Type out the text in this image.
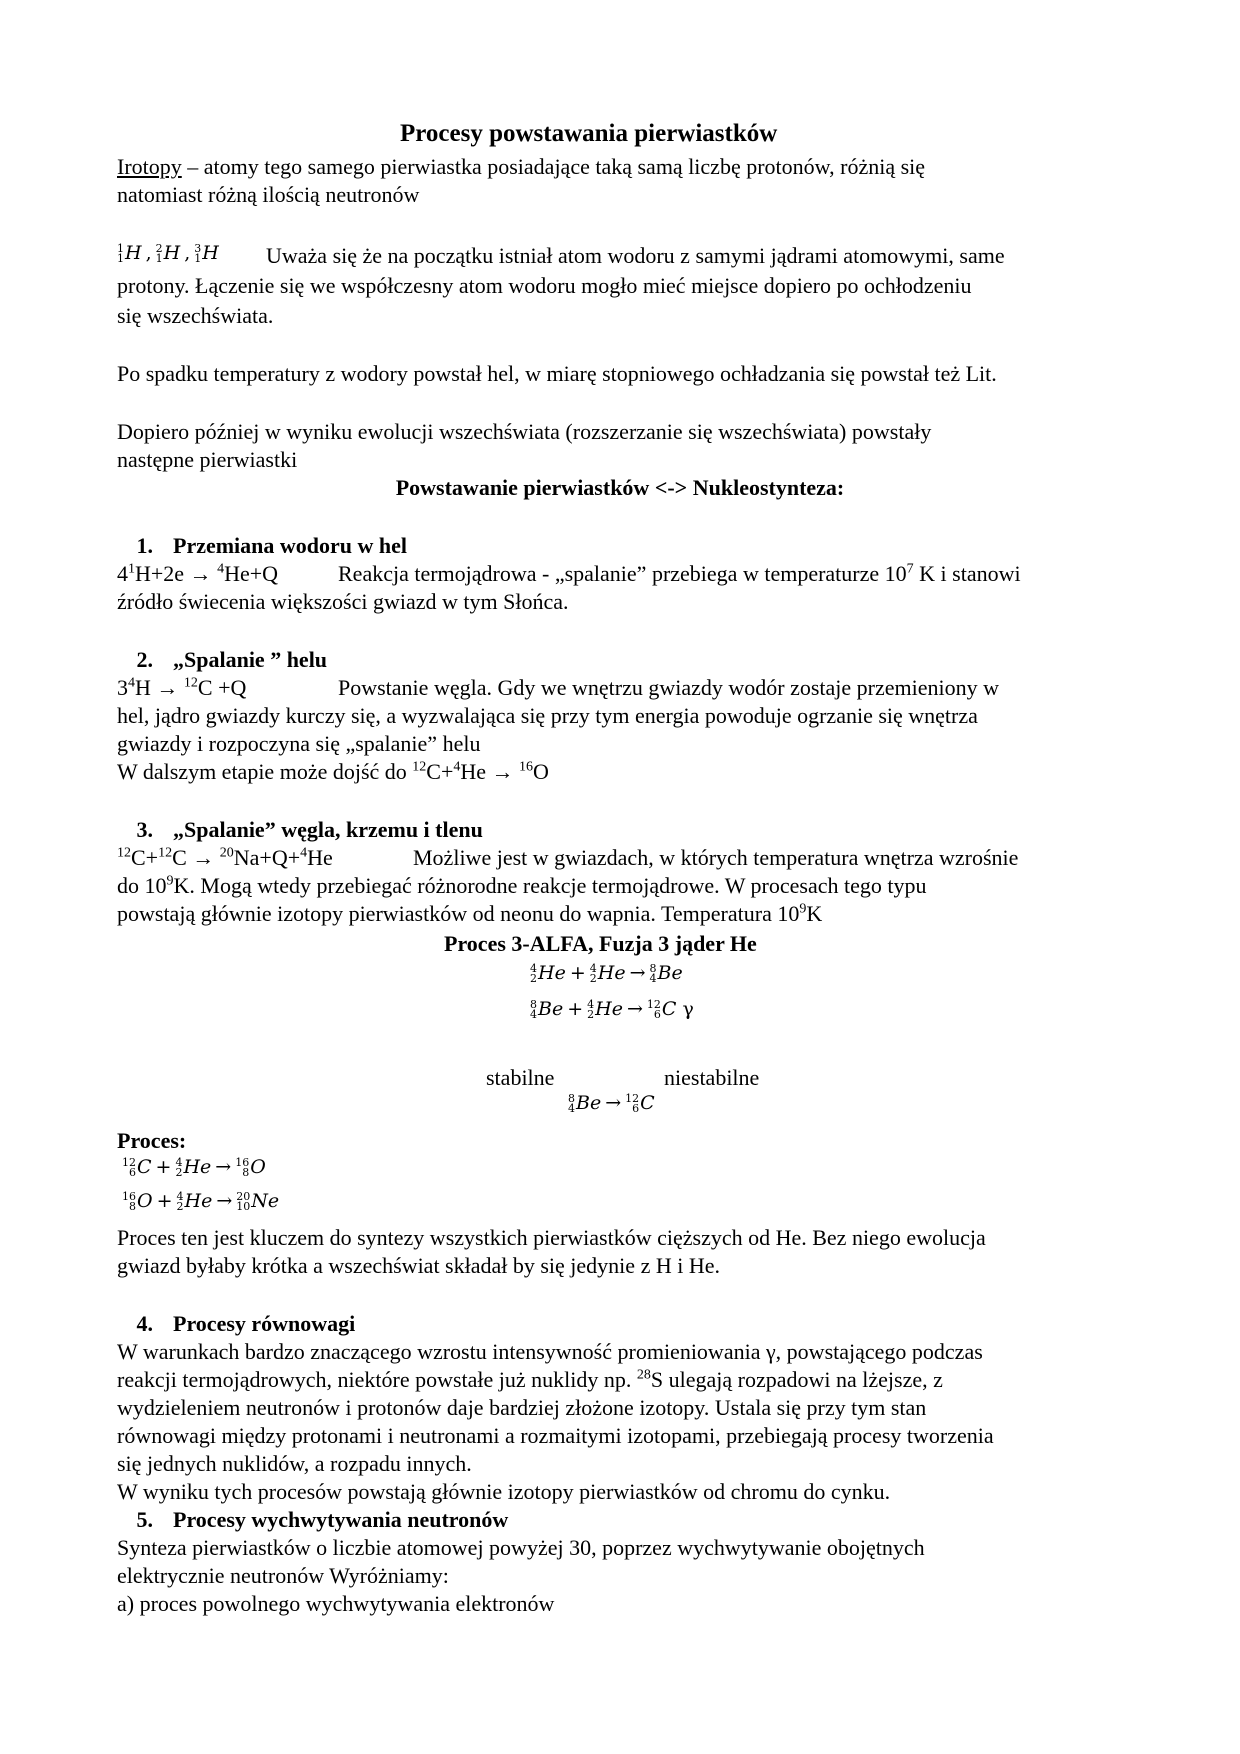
Procesy powstawania pierwiastków
Irotopy – atomy tego samego pierwiastka posiadające taką samą liczbę protonów, różnią się
natomiast różną ilością neutronów
1
1 H , 2
1 H , 3
1 H Uważa się że na początku istniał atom wodoru z samymi jądrami atomowymi, same
protony. Łączenie się we współczesny atom wodoru mogło mieć miejsce dopiero po ochłodzeniu
się wszechświata.
Po spadku temperatury z wodory powstał hel, w miarę stopniowego ochładzania się powstał też Lit.
Dopiero później w wyniku ewolucji wszechświata (rozszerzanie się wszechświata) powstały
następne pierwiastki
Powstawanie pierwiastków <-> Nukleostynteza:
1. Przemiana wodoru w hel
$4^1H+2e \to ^4He+Q$	Reakcja termojądrowa - „spalanie” przebiega w temperaturze $10^7$ K i stanowi
źródło świecenia większości gwiazd w tym Słońca.
2. „Spalanie ” helu
$3^4H \to ^{12}C +Q$	Powstanie węgla. Gdy we wnętrzu gwiazdy wodór zostaje przemieniony w
hel, jądro gwiazdy kurczy się, a wyzwalająca się przy tym energia powoduje ogrzanie się wnętrza
gwiazdy i rozpoczyna się „spalanie” helu
W dalszym etapie może dojść do $^{12}$C+$^4$He → $^{16}$O
3. „Spalanie” węgla, krzemu i tlenu
$^{12}$C+$^{12}$C → $^{20}$Na+Q+$^4$He	Możliwe jest w gwiazdach, w których temperatura wnętrza wzrośnie
do $10^9K$. Mogą wtedy przebiegać różnorodne reakcje termojądrowe. W procesach tego typu
powstają głównie izotopy pierwiastków od neonu do wapnia. Temperatura $10^9K$
Proces 3-ALFA, Fuzja 3 jąder He
4
2 He + 4
2 He → 8
4 Be
8
4 Be + 4
2 He → 12
6 C γ
stabilne	niestabilne
8
4 Be → 12
6 C
Proces:
12
6 C + 4
2 He → 16
8 O
16
8 O + 4
2 He → 20
10 Ne
Proces ten jest kluczem do syntezy wszystkich pierwiastków cięższych od He. Bez niego ewolucja
gwiazd byłaby krótka a wszechświat składał by się jedynie z H i He.
4. Procesy równowagi
W warunkach bardzo znaczącego wzrostu intensywność promieniowania γ, powstającego podczas
reakcji termojądrowych, niektóre powstałe już nuklidy np. $^{28}$S ulegają rozpadowi na lżejsze, z
wydzieleniem neutronów i protonów daje bardziej złożone izotopy. Ustala się przy tym stan
równowagi między protonami i neutronami a rozmaitymi izotopami, przebiegają procesy tworzenia
się jednych nuklidów, a rozpadu innych.
W wyniku tych procesów powstają głównie izotopy pierwiastków od chromu do cynku.
5. Procesy wychwytywania neutronów
Synteza pierwiastków o liczbie atomowej powyżej 30, poprzez wychwytywanie obojętnych
elektrycznie neutronów Wyróżniamy:
a) proces powolnego wychwytywania elektronów
